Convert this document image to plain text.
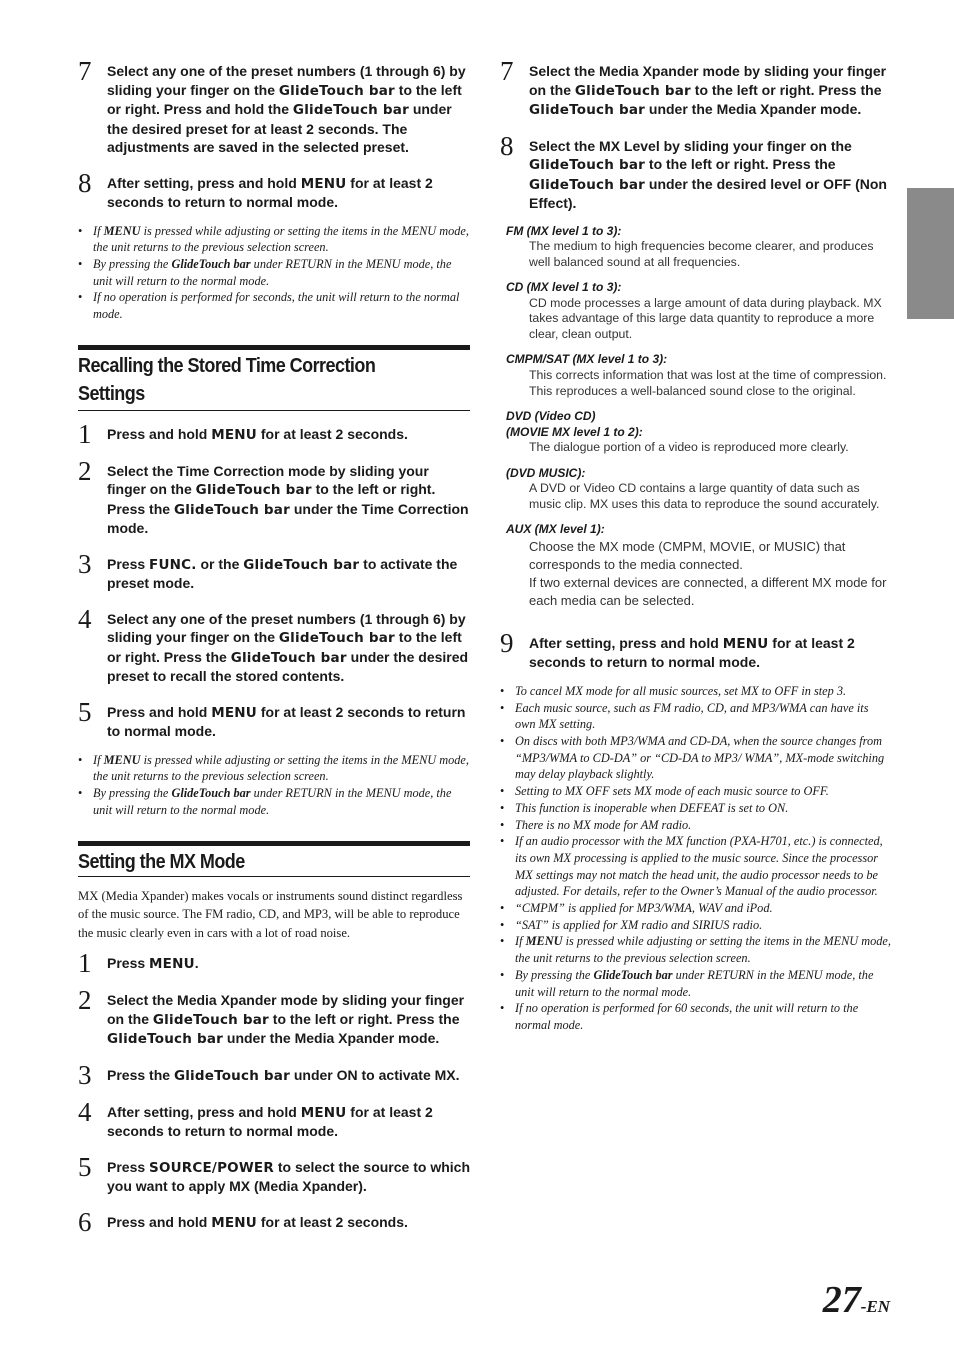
7	Select any one of the preset numbers (1 through 6) by sliding your finger on the GlideTouch bar to the left or right. Press and hold the GlideTouch bar under the desired preset for at least 2 seconds. The adjustments are saved in the selected preset.
8	After setting, press and hold MENU for at least 2 seconds to return to normal mode.
• If MENU is pressed while adjusting or setting the items in the MENU mode, the unit returns to the previous selection screen.
• By pressing the GlideTouch bar under RETURN in the MENU mode, the unit will return to the normal mode.
• If no operation is performed for seconds, the unit will return to the normal mode.
Recalling the Stored Time Correction Settings
1	Press and hold MENU for at least 2 seconds.
2	Select the Time Correction mode by sliding your finger on the GlideTouch bar to the left or right. Press the GlideTouch bar under the Time Correction mode.
3	Press FUNC. or the GlideTouch bar to activate the preset mode.
4	Select any one of the preset numbers (1 through 6) by sliding your finger on the GlideTouch bar to the left or right. Press the GlideTouch bar under the desired preset to recall the stored contents.
5	Press and hold MENU for at least 2 seconds to return to normal mode.
• If MENU is pressed while adjusting or setting the items in the MENU mode, the unit returns to the previous selection screen.
• By pressing the GlideTouch bar under RETURN in the MENU mode, the unit will return to the normal mode.
Setting the MX Mode
MX (Media Xpander) makes vocals or instruments sound distinct regardless of the music source. The FM radio, CD, and MP3, will be able to reproduce the music clearly even in cars with a lot of road noise.
1	Press MENU.
2	Select the Media Xpander mode by sliding your finger on the GlideTouch bar to the left or right. Press the GlideTouch bar under the Media Xpander mode.
3	Press the GlideTouch bar under ON to activate MX.
4	After setting, press and hold MENU for at least 2 seconds to return to normal mode.
5	Press SOURCE/POWER to select the source to which you want to apply MX (Media Xpander).
6	Press and hold MENU for at least 2 seconds.
7	Select the Media Xpander mode by sliding your finger on the GlideTouch bar to the left or right. Press the GlideTouch bar under the Media Xpander mode.
8	Select the MX Level by sliding your finger on the GlideTouch bar to the left or right. Press the GlideTouch bar under the desired level or OFF (Non Effect).
FM (MX level 1 to 3):
The medium to high frequencies become clearer, and produces well balanced sound at all frequencies.
CD (MX level 1 to 3):
CD mode processes a large amount of data during playback. MX takes advantage of this large data quantity to reproduce a more clear, clean output.
CMPM/SAT (MX level 1 to 3):
This corrects information that was lost at the time of compression. This reproduces a well-balanced sound close to the original.
DVD (Video CD)
(MOVIE MX level 1 to 2):
The dialogue portion of a video is reproduced more clearly.
(DVD MUSIC):
A DVD or Video CD contains a large quantity of data such as music clip. MX uses this data to reproduce the sound accurately.
AUX (MX level 1):
Choose the MX mode (CMPM, MOVIE, or MUSIC) that corresponds to the media connected.
If two external devices are connected, a different MX mode for each media can be selected.
9	After setting, press and hold MENU for at least 2 seconds to return to normal mode.
• To cancel MX mode for all music sources, set MX to OFF in step 3.
• Each music source, such as FM radio, CD, and MP3/WMA can have its own MX setting.
• On discs with both MP3/WMA and CD-DA, when the source changes from “MP3/WMA to CD-DA” or “CD-DA to MP3/ WMA”, MX-mode switching may delay playback slightly.
• Setting to MX OFF sets MX mode of each music source to OFF.
• This function is inoperable when DEFEAT is set to ON.
• There is no MX mode for AM radio.
• If an audio processor with the MX function (PXA-H701, etc.) is connected, its own MX processing is applied to the music source. Since the processor MX settings may not match the head unit, the audio processor needs to be adjusted. For details, refer to the Owner’s Manual of the audio processor.
• “CMPM” is applied for MP3/WMA, WAV and iPod.
• “SAT” is applied for XM radio and SIRIUS radio.
• If MENU is pressed while adjusting or setting the items in the MENU mode, the unit returns to the previous selection screen.
• By pressing the GlideTouch bar under RETURN in the MENU mode, the unit will return to the normal mode.
• If no operation is performed for 60 seconds, the unit will return to the normal mode.
27-EN
